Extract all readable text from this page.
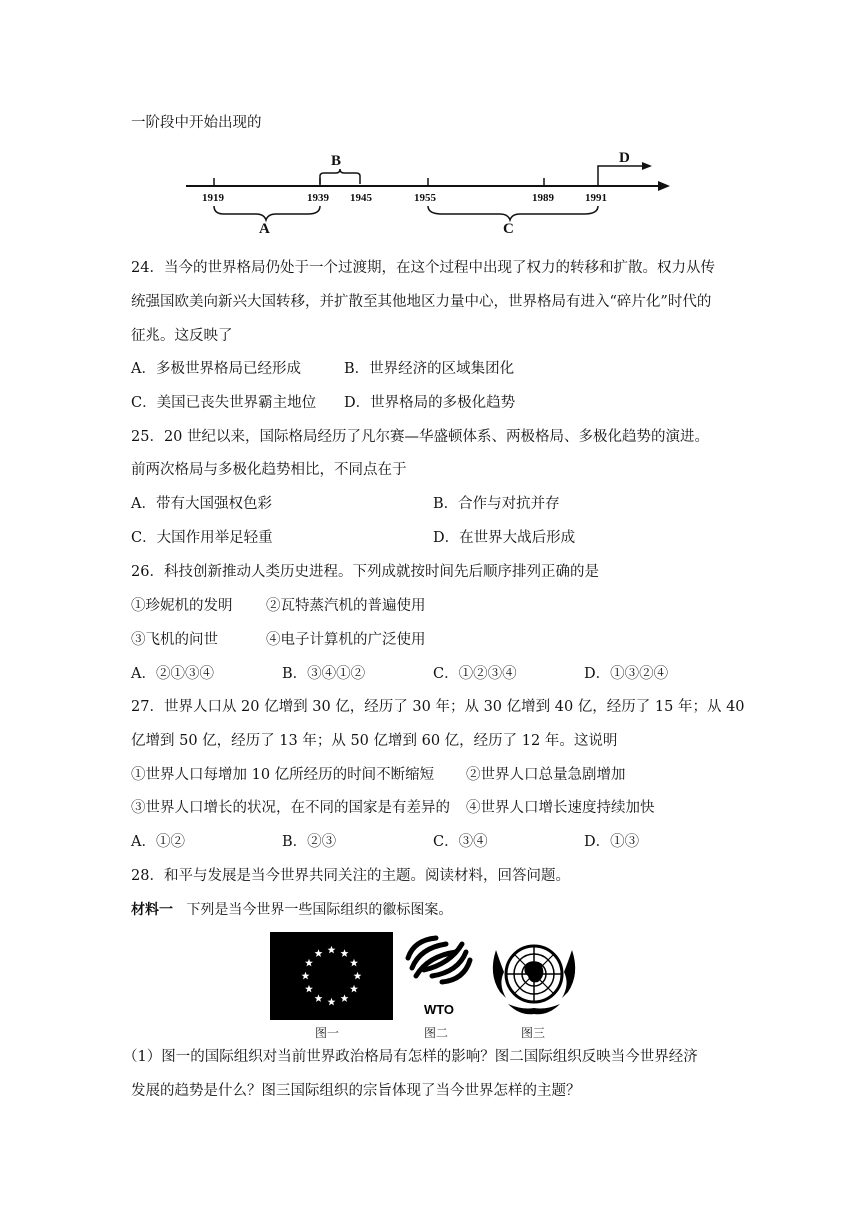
一阶段中开始出现的
1919	1939 1945	1955	1989	1991
B
A	C
D
24．当今的世界格局仍处于一个过渡期，在这个过程中出现了权力的转移和扩散。权力从传
统强国欧美向新兴大国转移，并扩散至其他地区力量中心，世界格局有进入“碎片化”时代的
征兆。这反映了
A．多极世界格局已经形成	B．世界经济的区域集团化
C．美国已丧失世界霸主地位 D．世界格局的多极化趋势
25．20 世纪以来，国际格局经历了凡尔赛—华盛顿体系、两极格局、多极化趋势的演进。
前两次格局与多极化趋势相比，不同点在于
A．带有大国强权色彩	B．合作与对抗并存
C．大国作用举足轻重	D．在世界大战后形成
26．科技创新推动人类历史进程。下列成就按时间先后顺序排列正确的是
①珍妮机的发明 ②瓦特蒸汽机的普遍使用
③飞机的问世	④电子计算机的广泛使用
A．②①③④	B．③④①②	C．①②③④	D．①③②④
27．世界人口从 20 亿增到 30 亿，经历了 30 年；从 30 亿增到 40 亿，经历了 15 年；从 40
亿增到 50 亿，经历了 13 年；从 50 亿增到 60 亿，经历了 12 年。这说明
①世界人口每增加 10 亿所经历的时间不断缩短 ②世界人口总量急剧增加
③世界人口增长的状况，在不同的国家是有差异的 ④世界人口增长速度持续加快
A．①②	B．②③	C．③④	D．①③
28．和平与发展是当今世界共同关注的主题。阅读材料，回答问题。
材料一 下列是当今世界一些国际组织的徽标图案。
WTO
图一	图二	图三
（1）图一的国际组织对当前世界政治格局有怎样的影响？图二国际组织反映当今世界经济
发展的趋势是什么？图三国际组织的宗旨体现了当今世界怎样的主题？
